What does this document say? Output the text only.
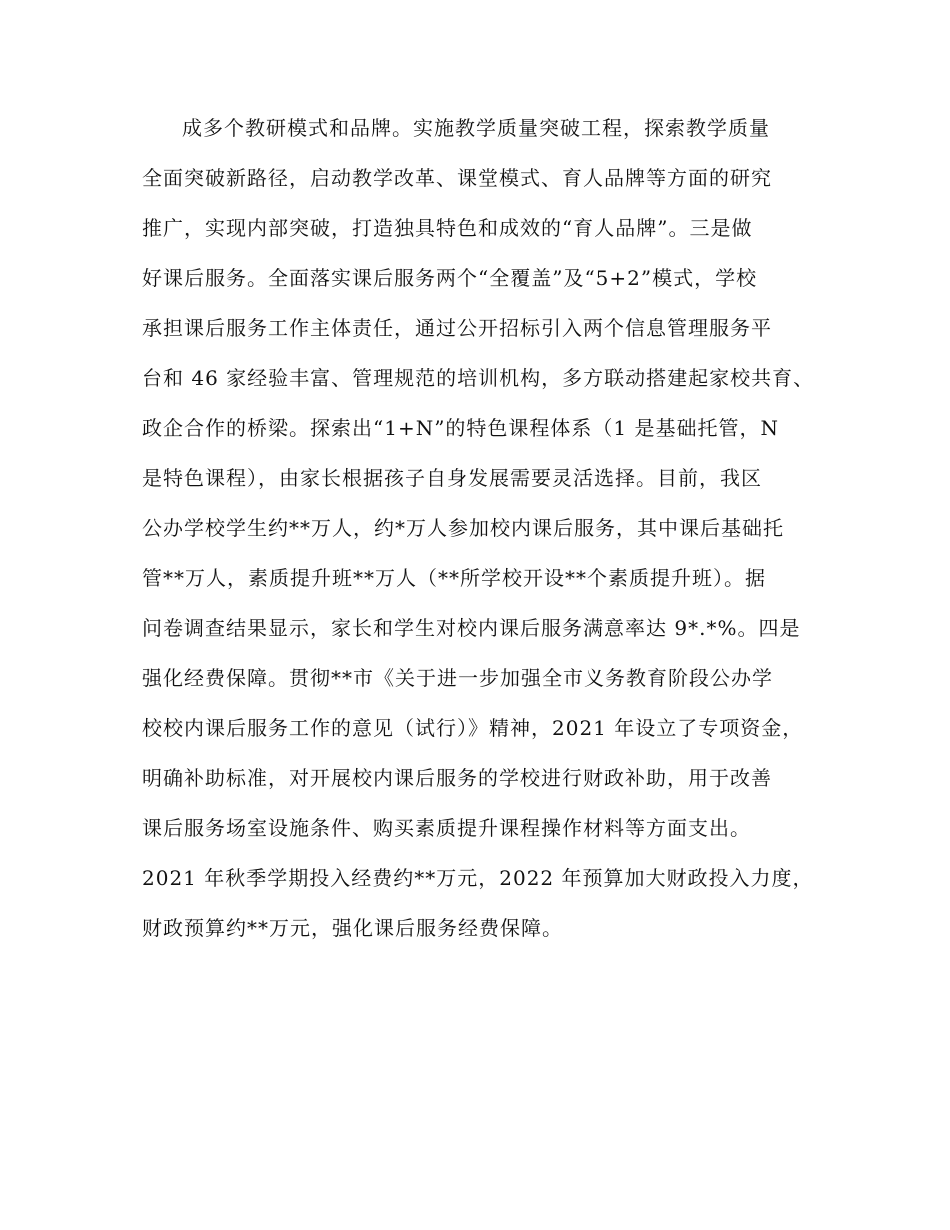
成多个教研模式和品牌。实施教学质量突破工程，探索教学质量
全面突破新路径，启动教学改革、课堂模式、育人品牌等方面的研究
推广，实现内部突破，打造独具特色和成效的“育人品牌”。三是做
好课后服务。全面落实课后服务两个“全覆盖”及“5+2”模式，学校
承担课后服务工作主体责任，通过公开招标引入两个信息管理服务平
台和 46 家经验丰富、管理规范的培训机构，多方联动搭建起家校共育、
政企合作的桥梁。探索出“1+N”的特色课程体系（1 是基础托管，N
是特色课程），由家长根据孩子自身发展需要灵活选择。目前，我区
公办学校学生约**万人，约*万人参加校内课后服务，其中课后基础托
管**万人，素质提升班**万人（**所学校开设**个素质提升班）。据
问卷调查结果显示，家长和学生对校内课后服务满意率达 9*.*%。四是
强化经费保障。贯彻**市《关于进一步加强全市义务教育阶段公办学
校校内课后服务工作的意见（试行）》精神，2021 年设立了专项资金，
明确补助标准，对开展校内课后服务的学校进行财政补助，用于改善
课后服务场室设施条件、购买素质提升课程操作材料等方面支出。
2021 年秋季学期投入经费约**万元，2022 年预算加大财政投入力度，
财政预算约**万元，强化课后服务经费保障。
